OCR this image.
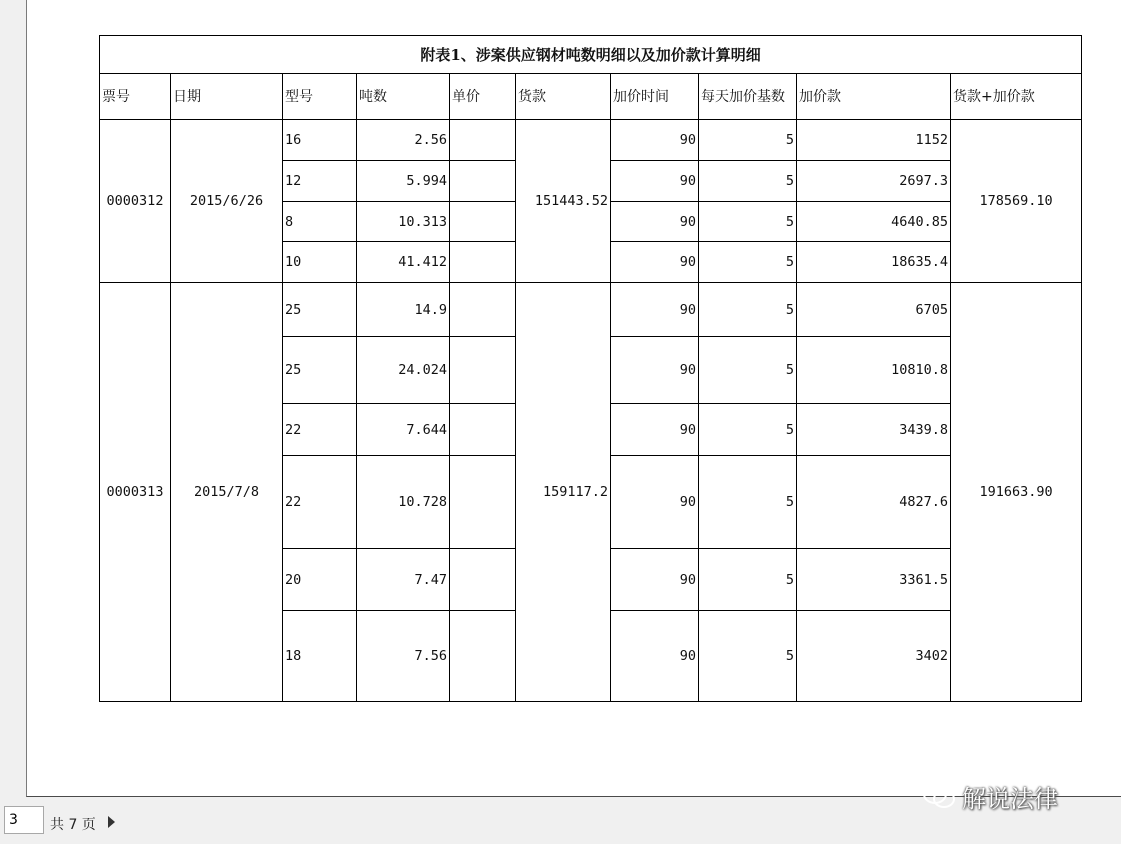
附表1、涉案供应钢材吨数明细以及加价款计算明细									
票号	日期	型号	吨数	单价	货款	加价时间	每天加价基数	加价款	货款+加价款
0000312	2015/6/26	16	2.56		151443.52	90	5	1152	178569.10
		12	5.994			90	5	2697.3	
		8	10.313			90	5	4640.85	
		10	41.412			90	5	18635.4	
0000313	2015/7/8	25	14.9		159117.2	90	5	6705	191663.90
		25	24.024			90	5	10810.8	
		22	7.644			90	5	3439.8	
		22	10.728			90	5	4827.6	
		20	7.47			90	5	3361.5	
		18	7.56			90	5	3402	
3
共 7 页
解说法律
